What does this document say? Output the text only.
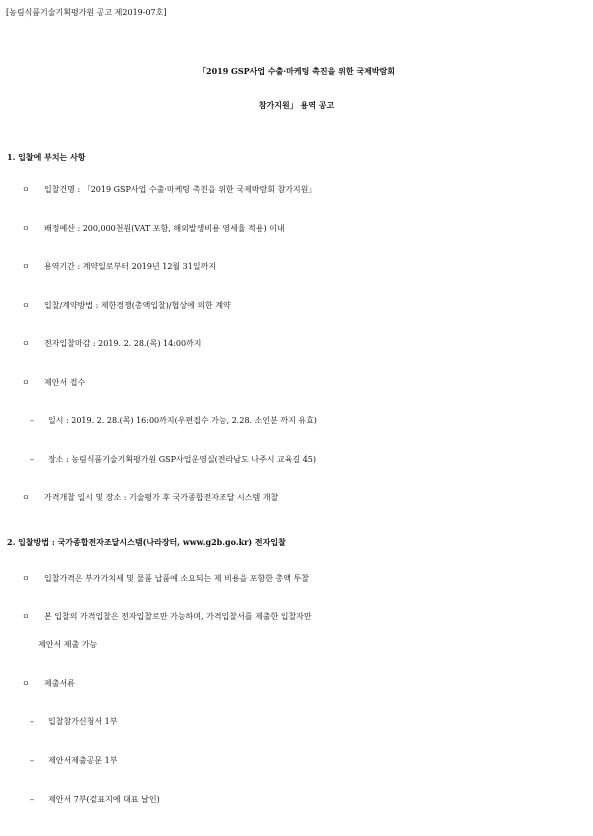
[농림식품기술기획평가원 공고 제2019-07호]
「2019 GSP사업 수출·마케팅 촉진을 위한 국제박람회
참가지원」 용역 공고
1. 입찰에 부치는 사항
ㅇ 입찰건명 : 「2019 GSP사업 수출·마케팅 촉진을 위한 국제박람회 참가지원」
ㅇ 배정예산 : 200,000천원(VAT 포함, 해외발생비용 영세율 적용) 이내
ㅇ 용역기간 : 계약일로부터 2019년 12월 31일까지
ㅇ 입찰/계약방법 : 제한경쟁(총액입찰)/협상에 의한 계약
ㅇ 전자입찰마감 : 2019. 2. 28.(목) 14:00까지
ㅇ 제안서 접수
– 일시 : 2019. 2. 28.(목) 16:00까지(우편접수 가능, 2.28. 소인분 까지 유효)
– 장소 : 농림식품기술기획평가원 GSP사업운영실(전라남도 나주시 교육길 45)
ㅇ 가격개찰 일시 및 장소 : 기술평가 후 국가종합전자조달 시스템 개찰
2. 입찰방법 : 국가종합전자조달시스템(나라장터, www.g2b.go.kr) 전자입찰
ㅇ 입찰가격은 부가가치세 및 물품 납품에 소요되는 제 비용을 포함한 총액 투찰
ㅇ 본 입찰의 가격입찰은 전자입찰로만 가능하며, 가격입찰서를 제출한 입찰자만
제안서 제출 가능
ㅇ 제출서류
– 입찰참가신청서 1부
– 제안서제출공문 1부
– 제안서 7부(겉표지에 대표 날인)
